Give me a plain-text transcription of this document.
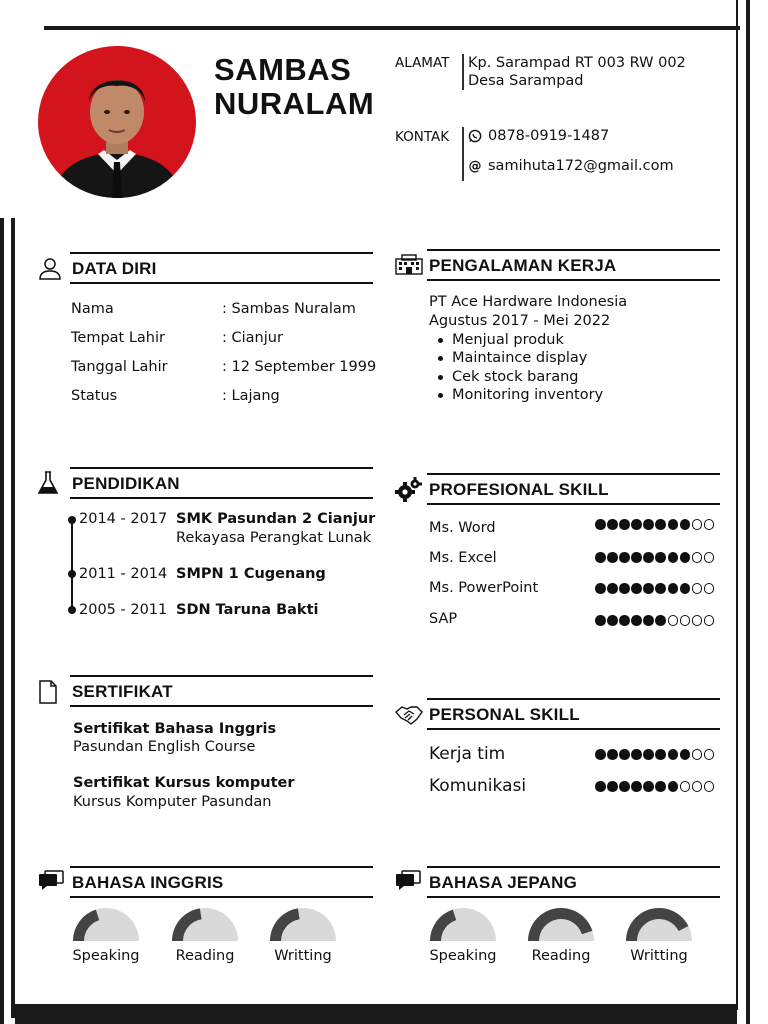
SAMBAS
NURALAM
ALAMAT Kp. Sarampad RT 003 RW 002
Desa Sarampad
KONTAK	0878-0919-1487
@ samihuta172@gmail.com
DATA DIRI
Nama	: Sambas Nuralam
Tempat Lahir	: Cianjur
Tanggal Lahir	: 12 September 1999
Status	: Lajang
PENGALAMAN KERJA
PT Ace Hardware Indonesia
Agustus 2017 - Mei 2022
Menjual produk
Maintaince display
Cek stock barang
Monitoring inventory
PENDIDIKAN
2014 - 2017 SMK Pasundan 2 Cianjur
Rekayasa Perangkat Lunak
2011 - 2014 SMPN 1 Cugenang
2005 - 2011 SDN Taruna Bakti
PROFESIONAL SKILL
Ms. Word
Ms. Excel
Ms. PowerPoint
SAP
SERTIFIKAT
Sertifikat Bahasa Inggris
Pasundan English Course
Sertifikat Kursus komputer
Kursus Komputer Pasundan
PERSONAL SKILL
Kerja tim
Komunikasi
BAHASA INGGRIS
Speaking	Reading	Writting
BAHASA JEPANG
Speaking	Reading	Writting
